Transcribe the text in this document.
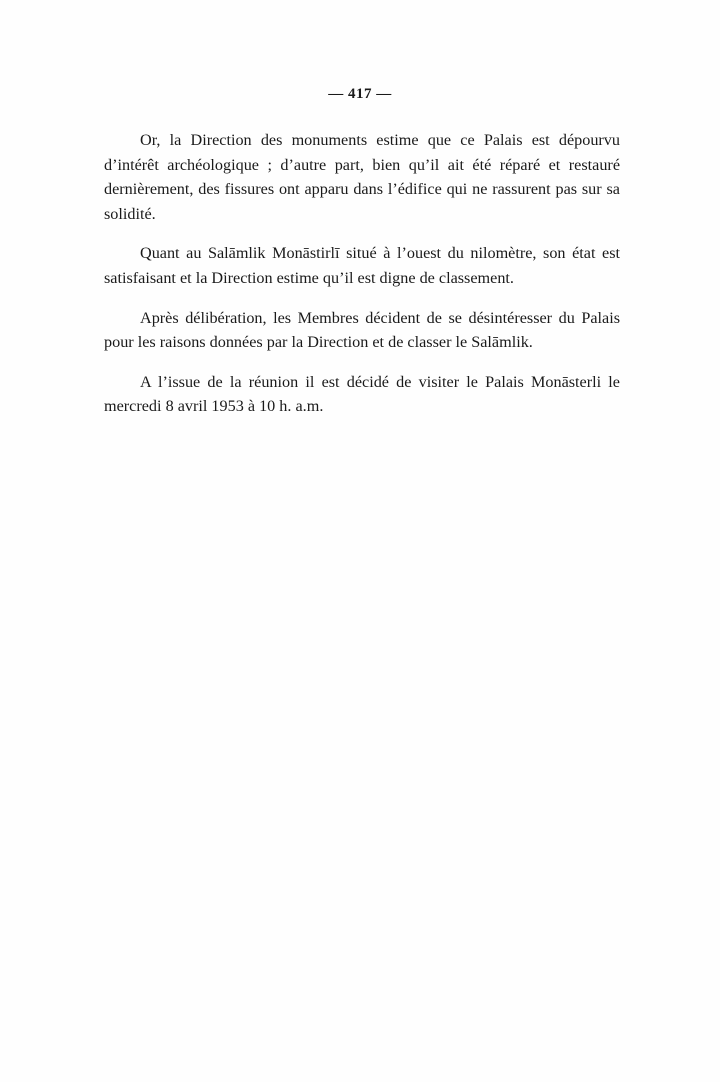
— 417 —

Or, la Direction des monuments estime que ce Palais est dépourvu d’intérêt archéologique ; d’autre part, bien qu’il ait été réparé et restauré dernièrement, des fissures ont apparu dans l’édifice qui ne rassurent pas sur sa solidité.

Quant au Salāmlik Monāstirlī situé à l’ouest du nilomètre, son état est satisfaisant et la Direction estime qu’il est digne de classement.

Après délibération, les Membres décident de se désintéresser du Palais pour les raisons données par la Direction et de classer le Salāmlik.

A l’issue de la réunion il est décidé de visiter le Palais Monāsterli le mercredi 8 avril 1953 à 10 h. a.m.
